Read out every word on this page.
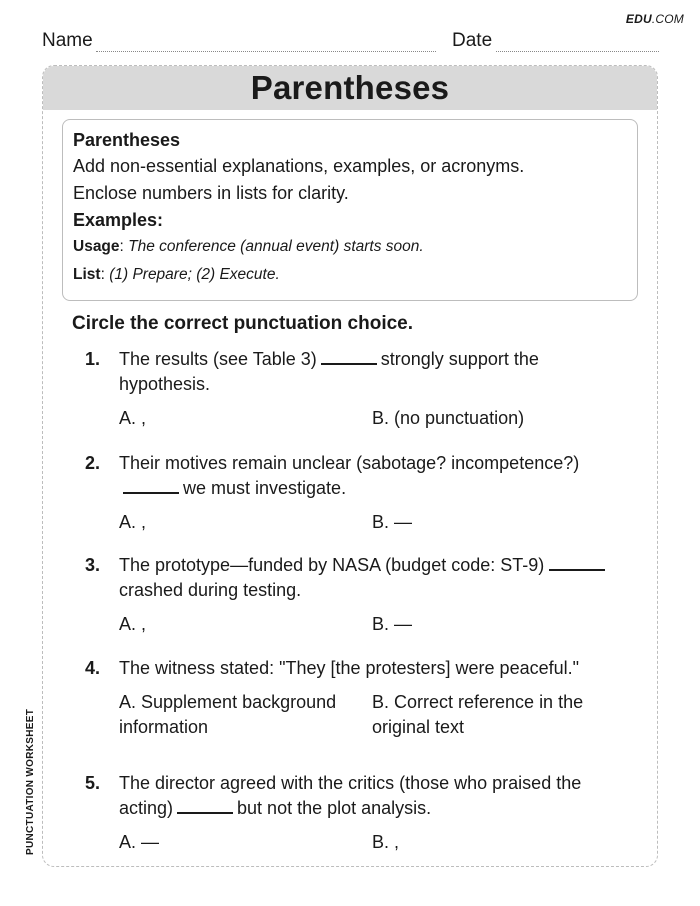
EDU.COM
Name	Date
PUNCTUATION WORKSHEET
Parentheses
Parentheses
Add non-essential explanations, examples, or acronyms.
Enclose numbers in lists for clarity.
Examples:
Usage: The conference (annual event) starts soon.
List: (1) Prepare; (2) Execute.
Circle the correct punctuation choice.
1. The results (see Table 3)	strongly support the hypothesis.
A. ,	B. (no punctuation)
2. Their motives remain unclear (sabotage? incompetence?)we must investigate.
A. ,	B. —
3. The prototype—funded by NASA (budget code: ST-9) crashed during testing.
A. ,	B. —
4. The witness stated: "They [the protesters] were peaceful."
A. Supplement background information
B. Correct reference in the original text
5. The director agreed with the critics (those who praised the acting)	but not the plot analysis.
A. —	B. ,
